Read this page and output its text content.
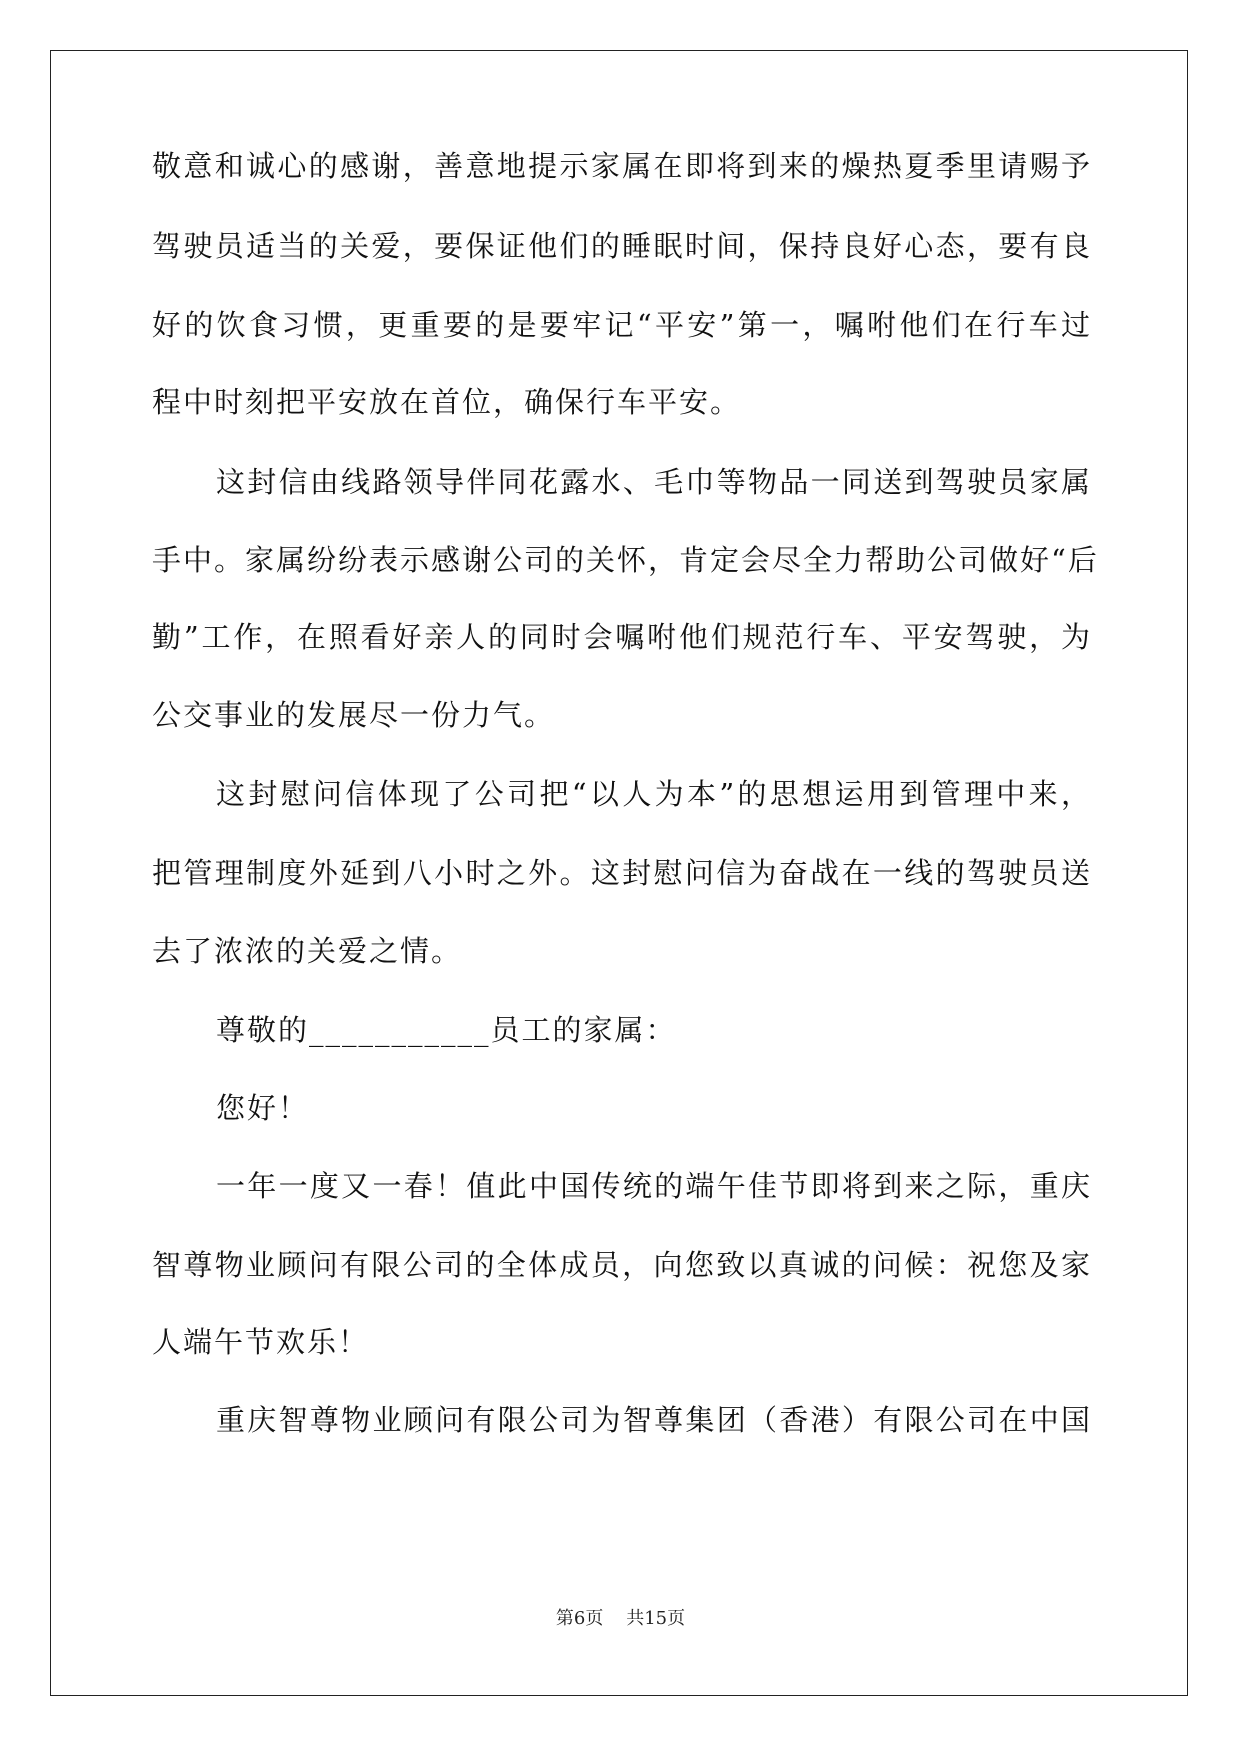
敬意和诚心的感谢，善意地提示家属在即将到来的燥热夏季里请赐予
驾驶员适当的关爱，要保证他们的睡眠时间，保持良好心态，要有良
好的饮食习惯，更重要的是要牢记“平安”第一，嘱咐他们在行车过
程中时刻把平安放在首位，确保行车平安。
这封信由线路领导伴同花露水、毛巾等物品一同送到驾驶员家属
手中。家属纷纷表示感谢公司的关怀，肯定会尽全力帮助公司做好“后
勤”工作，在照看好亲人的同时会嘱咐他们规范行车、平安驾驶，为
公交事业的发展尽一份力气。
这封慰问信体现了公司把“以人为本”的思想运用到管理中来，
把管理制度外延到八小时之外。这封慰问信为奋战在一线的驾驶员送
去了浓浓的关爱之情。
尊敬的___________员工的家属：
您好！
一年一度又一春！值此中国传统的端午佳节即将到来之际，重庆
智尊物业顾问有限公司的全体成员，向您致以真诚的问候：祝您及家
人端午节欢乐！
重庆智尊物业顾问有限公司为智尊集团（香港）有限公司在中国
第6页 共15页
